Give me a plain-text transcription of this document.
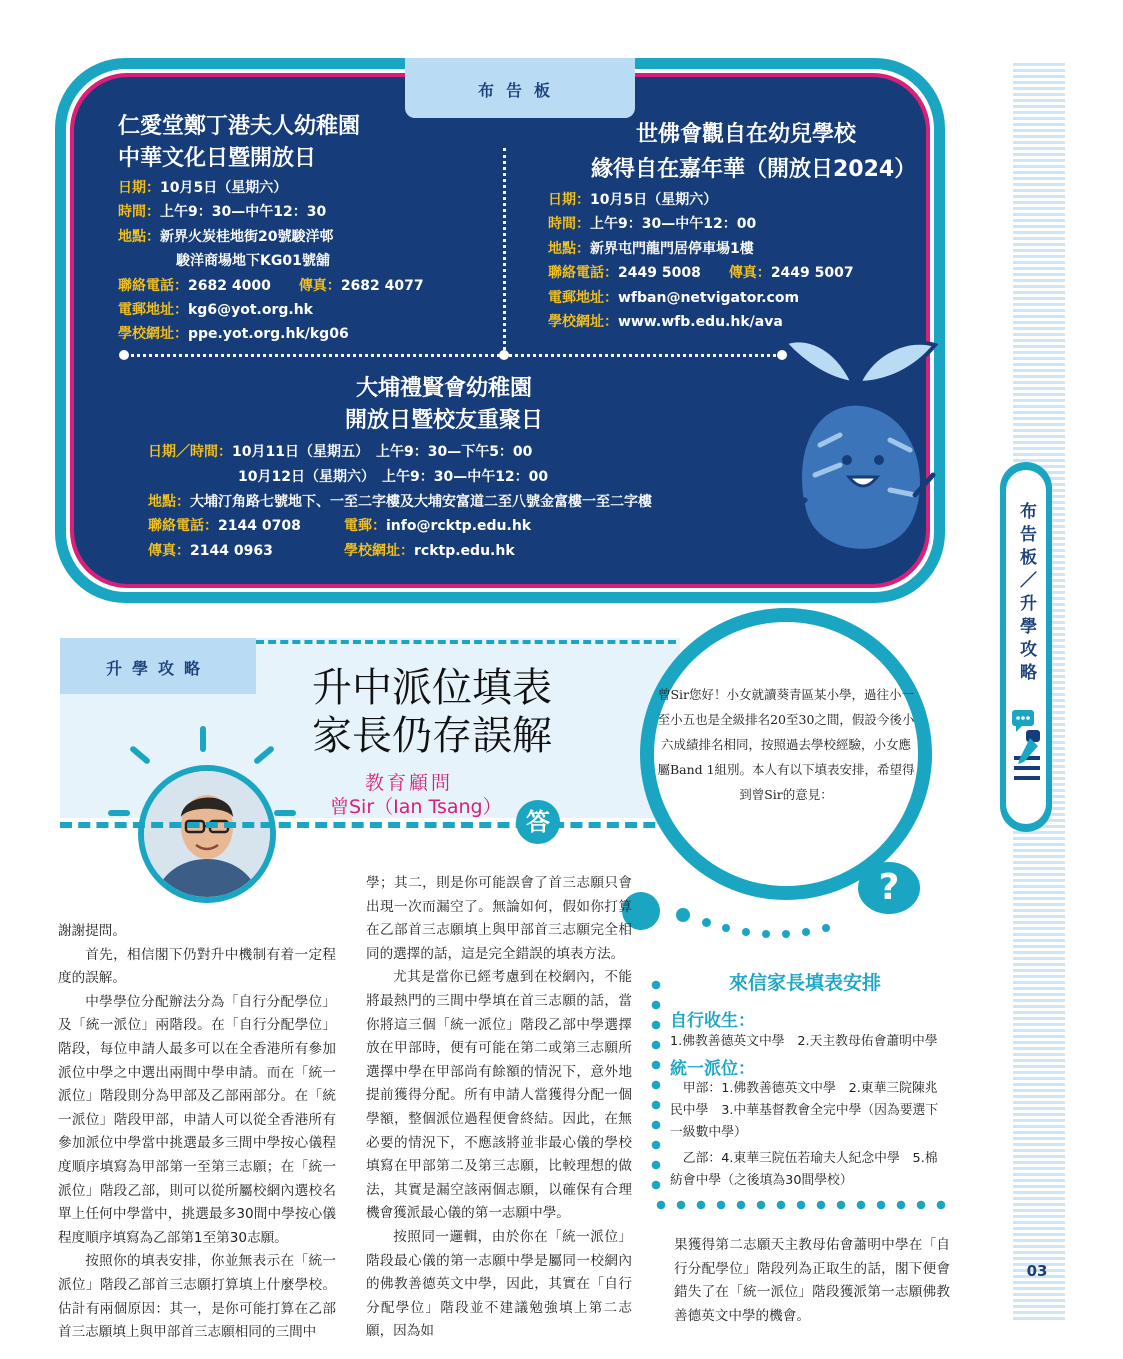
布告板／升學攻略
03
布告板
仁愛堂鄭丁港夫人幼稚園
中華文化日暨開放日
日期：10月5日（星期六）
時間：上午9：30—中午12：30
地點：新界火炭桂地街20號駿洋邨
駿洋商場地下KG01號舖
聯絡電話：2682 4000　　 傳真：2682 4077
電郵地址：kg6@yot.org.hk
學校網址：ppe.yot.org.hk/kg06
世佛會觀自在幼兒學校
緣得自在嘉年華（開放日2024）
日期：10月5日（星期六）
時間：上午9：30—中午12：00
地點：新界屯門龍門居停車場1樓
聯絡電話：2449 5008　　 傳真：2449 5007
電郵地址：wfban@netvigator.com
學校網址：www.wfb.edu.hk/ava
大埔禮賢會幼稚園
開放日暨校友重聚日
日期／時間：10月11日（星期五）　上午9：30—下午5：00
10月12日（星期六）　上午9：30—中午12：00
地點：大埔汀角路七號地下、一至二字樓及大埔安富道二至八號金富樓一至二字樓
聯絡電話：2144 0708	電郵：info@rcktp.edu.hk
傳真：2144 0963	學校網址：rcktp.edu.hk
升學攻略	升中派位填表
家長仍存誤解
教育顧問
曾Sir（Ian Tsang）
答
曾Sir您好！小女就讀葵青區某小學，過往小一至小五也是全級排名20至30之間，假設今後小六成績排名相同，按照過去學校經驗，小女應屬Band 1組別。本人有以下填表安排，希望得到曾Sir的意見：
?

謝謝提問。

首先，相信閣下仍對升中機制有着一定程度的誤解。

中學學位分配辦法分為「自行分配學位」及「統一派位」兩階段。在「自行分配學位」階段，每位申請人最多可以在全香港所有參加派位中學之中選出兩間中學申請。而在「統一派位」階段則分為甲部及乙部兩部分。在「統一派位」階段甲部，申請人可以從全香港所有參加派位中學當中挑選最多三間中學按心儀程度順序填寫為甲部第一至第三志願；在「統一派位」階段乙部，則可以從所屬校網內選校名單上任何中學當中，挑選最多30間中學按心儀程度順序填寫為乙部第1至第30志願。

按照你的填表安排，你並無表示在「統一派位」階段乙部首三志願打算填上什麼學校。估計有兩個原因：其一，是你可能打算在乙部首三志願填上與甲部首三志願相同的三間中

學；其二，則是你可能誤會了首三志願只會出現一次而漏空了。無論如何，假如你打算在乙部首三志願填上與甲部首三志願完全相同的選擇的話，這是完全錯誤的填表方法。

尤其是當你已經考慮到在校網內，不能將最熱門的三間中學填在首三志願的話，當你將這三個「統一派位」階段乙部中學選擇放在甲部時，便有可能在第二或第三志願所選擇中學在甲部尚有餘額的情況下，意外地提前獲得分配。所有申請人當獲得分配一個學額，整個派位過程便會終結。因此，在無必要的情況下，不應該將並非最心儀的學校填寫在甲部第二及第三志願，比較理想的做法，其實是漏空該兩個志願，以確保有合理機會獲派最心儀的第一志願中學。

按照同一邏輯，由於你在「統一派位」階段最心儀的第一志願中學是屬同一校網內的佛教善德英文中學，因此，其實在「自行分配學位」階段並不建議勉強填上第二志願，因為如

果獲得第二志願天主教母佑會蕭明中學在「自行分配學位」階段列為正取生的話，閣下便會錯失了在「統一派位」階段獲派第一志願佛教善德英文中學的機會。

來信家長填表安排
自行收生：
1.佛教善德英文中學　2.天主教母佑會蕭明中學
統一派位：
甲部：1.佛教善德英文中學　2.東華三院陳兆民中學　3.中華基督教會全完中學（因為要選下一級數中學）
乙部：4.東華三院伍若瑜夫人紀念中學　5.棉紡會中學（之後填為30間學校）
